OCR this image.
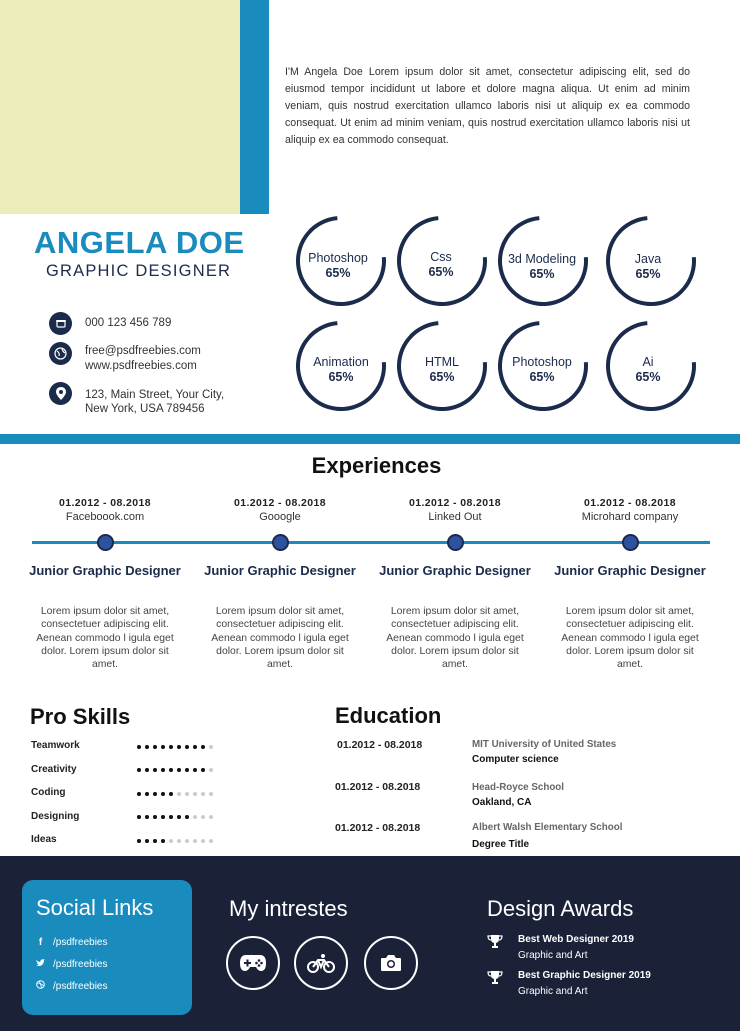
I'M Angela Doe Lorem ipsum dolor sit amet, consectetur adipiscing elit, sed do eiusmod tempor incididunt ut labore et dolore magna aliqua. Ut enim ad minim veniam, quis nostrud exercitation ullamco laboris nisi ut aliquip ex ea commodo consequat. Ut enim ad minim veniam, quis nostrud exercitation ullamco laboris nisi ut aliquip ex ea commodo consequat.
ANGELA DOE
GRAPHIC DESIGNER
000 123 456 789
free@psdfreebies.com
www.psdfreebies.com
123, Main Street, Your City,
New York, USA 789456
Photoshop
65%
Css
65%
3d Modeling
65%
Java
65%
Animation
65%
HTML
65%
Photoshop
65%
Ai
65%
Experiences
01.2012 - 08.2018
Faceboook.com
01.2012 - 08.2018
Gooogle
01.2012 - 08.2018
Linked Out
01.2012 - 08.2018
Microhard company
Junior Graphic Designer	Junior Graphic Designer	Junior Graphic Designer	Junior Graphic Designer
Lorem ipsum dolor sit amet, consectetuer adipiscing elit. Aenean commodo l igula eget dolor. Lorem ipsum dolor sit amet.
Lorem ipsum dolor sit amet, consectetuer adipiscing elit. Aenean commodo l igula eget dolor. Lorem ipsum dolor sit amet.
Lorem ipsum dolor sit amet, consectetuer adipiscing elit. Aenean commodo l igula eget dolor. Lorem ipsum dolor sit amet.
Lorem ipsum dolor sit amet, consectetuer adipiscing elit. Aenean commodo l igula eget dolor. Lorem ipsum dolor sit amet.
Pro Skills
Teamwork
Creativity
Coding
Designing
Ideas
Education
01.2012 - 08.2018	MIT University of United States
Computer science
01.2012 - 08.2018	Head-Royce School
Oakland, CA
01.2012 - 08.2018	Albert Walsh Elementary School
Degree Title
Social Links
f /psdfreebies
/psdfreebies
/psdfreebies
My intrestes	Design Awards
Best Web Designer 2019
Graphic and Art
Best Graphic Designer 2019
Graphic and Art
